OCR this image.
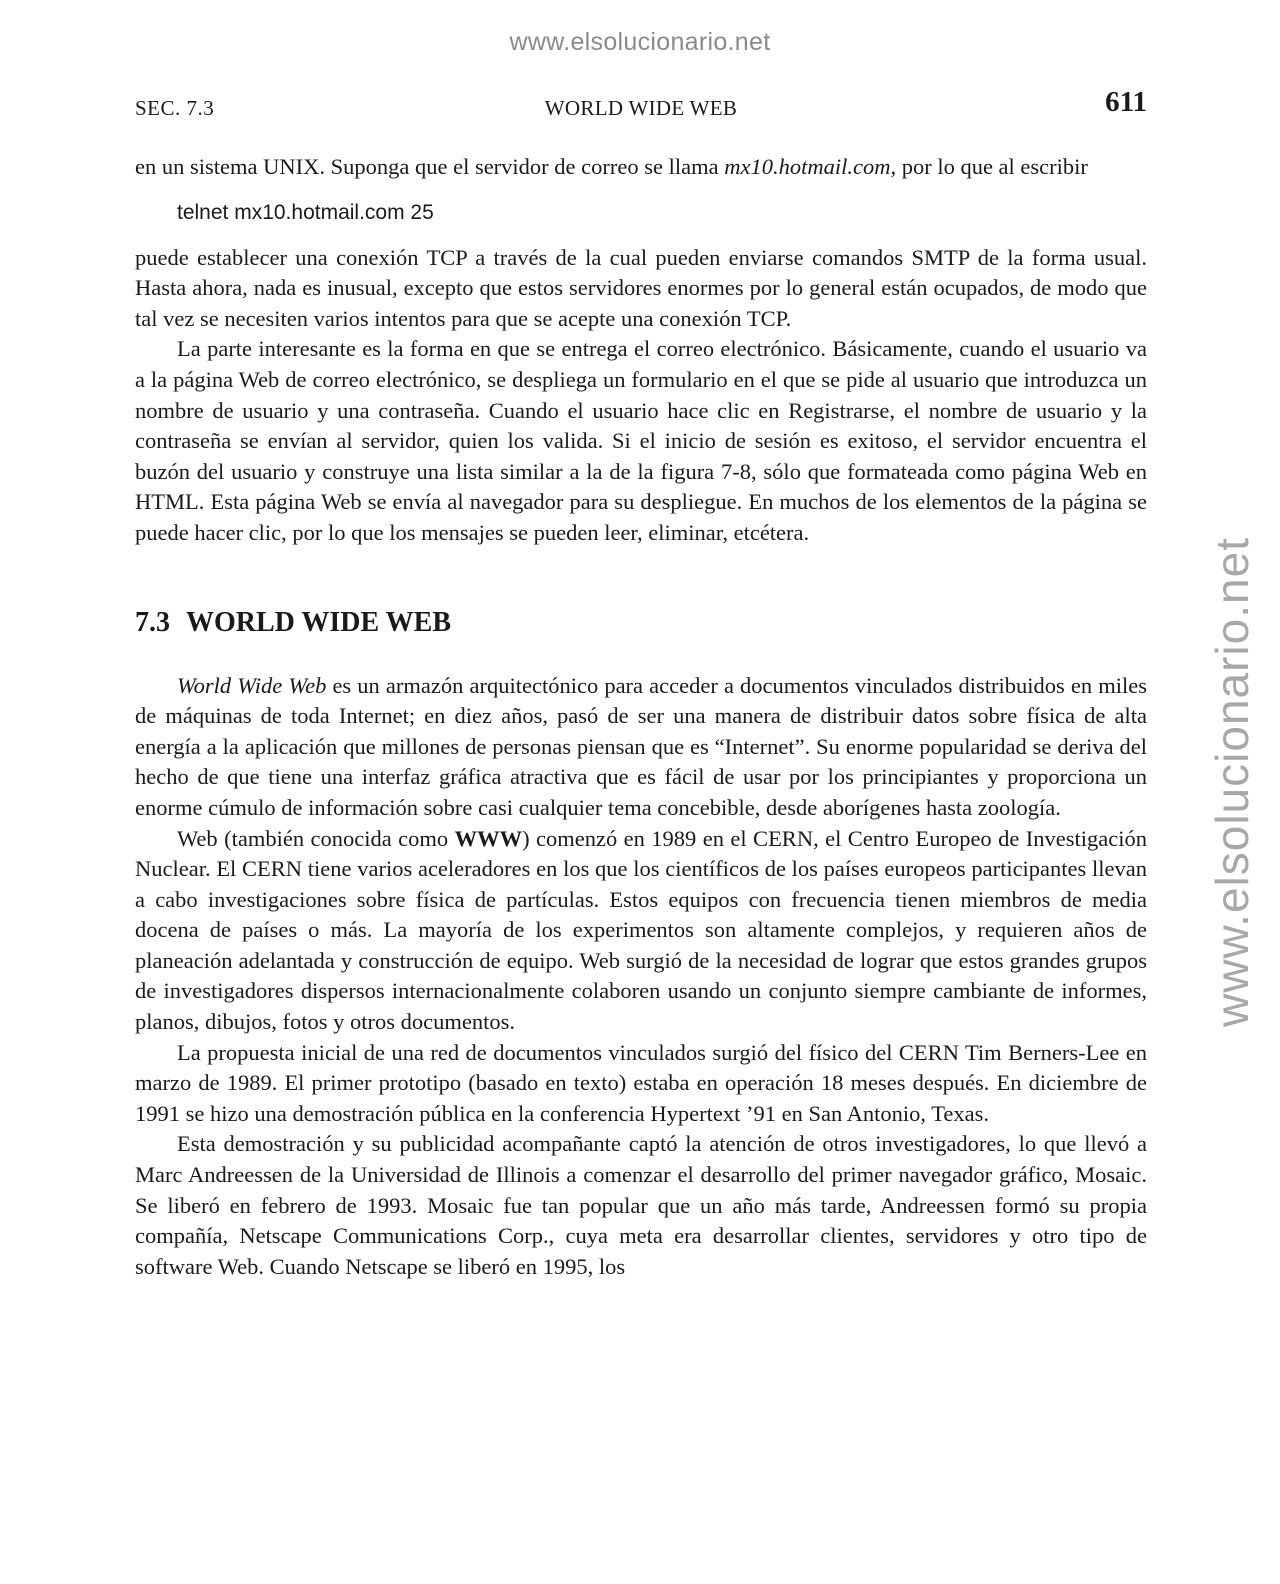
www.elsolucionario.net
www.elsolucionario.net
SEC. 7.3	WORLD WIDE WEB	611

en un sistema UNIX. Suponga que el servidor de correo se llama mx10.hotmail.com, por lo que al escribir

telnet mx10.hotmail.com 25

puede establecer una conexión TCP a través de la cual pueden enviarse comandos SMTP de la forma usual. Hasta ahora, nada es inusual, excepto que estos servidores enormes por lo general están ocupados, de modo que tal vez se necesiten varios intentos para que se acepte una conexión TCP.

La parte interesante es la forma en que se entrega el correo electrónico. Básicamente, cuando el usuario va a la página Web de correo electrónico, se despliega un formulario en el que se pide al usuario que introduzca un nombre de usuario y una contraseña. Cuando el usuario hace clic en Registrarse, el nombre de usuario y la contraseña se envían al servidor, quien los valida. Si el inicio de sesión es exitoso, el servidor encuentra el buzón del usuario y construye una lista similar a la de la figura 7-8, sólo que formateada como página Web en HTML. Esta página Web se envía al navegador para su despliegue. En muchos de los elementos de la página se puede hacer clic, por lo que los mensajes se pueden leer, eliminar, etcétera.

7.3 WORLD WIDE WEB

World Wide Web es un armazón arquitectónico para acceder a documentos vinculados distribuidos en miles de máquinas de toda Internet; en diez años, pasó de ser una manera de distribuir datos sobre física de alta energía a la aplicación que millones de personas piensan que es “Internet”. Su enorme popularidad se deriva del hecho de que tiene una interfaz gráfica atractiva que es fácil de usar por los principiantes y proporciona un enorme cúmulo de información sobre casi cualquier tema concebible, desde aborígenes hasta zoología.

Web (también conocida como WWW) comenzó en 1989 en el CERN, el Centro Europeo de Investigación Nuclear. El CERN tiene varios aceleradores en los que los científicos de los países europeos participantes llevan a cabo investigaciones sobre física de partículas. Estos equipos con frecuencia tienen miembros de media docena de países o más. La mayoría de los experimentos son altamente complejos, y requieren años de planeación adelantada y construcción de equipo. Web surgió de la necesidad de lograr que estos grandes grupos de investigadores dispersos internacionalmente colaboren usando un conjunto siempre cambiante de informes, planos, dibujos, fotos y otros documentos.

La propuesta inicial de una red de documentos vinculados surgió del físico del CERN Tim Berners-Lee en marzo de 1989. El primer prototipo (basado en texto) estaba en operación 18 meses después. En diciembre de 1991 se hizo una demostración pública en la conferencia Hypertext ’91 en San Antonio, Texas.

Esta demostración y su publicidad acompañante captó la atención de otros investigadores, lo que llevó a Marc Andreessen de la Universidad de Illinois a comenzar el desarrollo del primer navegador gráfico, Mosaic. Se liberó en febrero de 1993. Mosaic fue tan popular que un año más tarde, Andreessen formó su propia compañía, Netscape Communications Corp., cuya meta era desarrollar clientes, servidores y otro tipo de software Web. Cuando Netscape se liberó en 1995, los
